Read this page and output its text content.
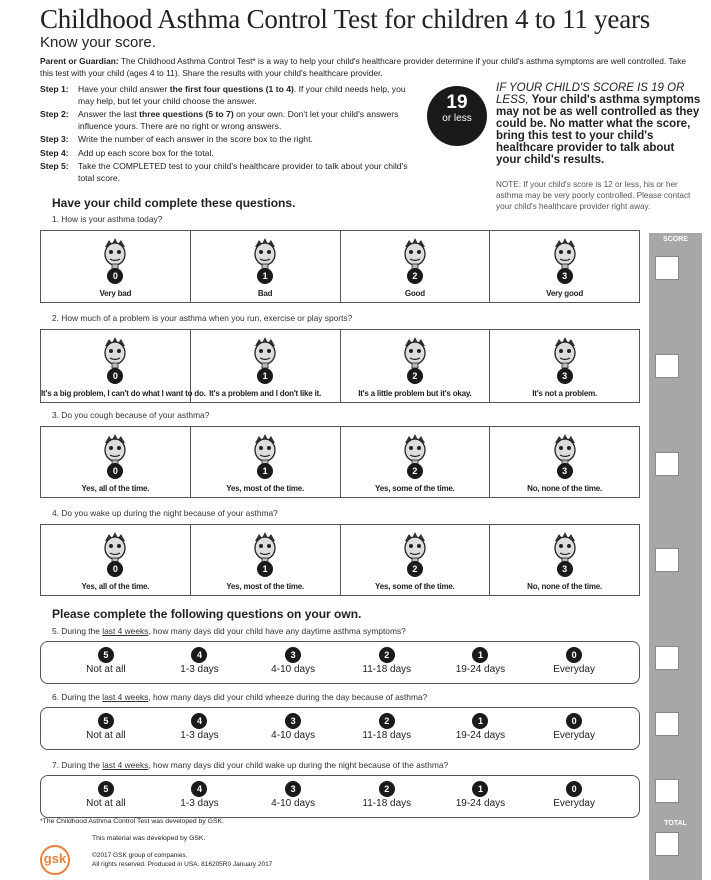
Childhood Asthma Control Test for children 4 to 11 years
Know your score.
Parent or Guardian: The Childhood Asthma Control Test* is a way to help your child's healthcare provider determine if your child's asthma symptoms are well controlled. Take this test with your child (ages 4 to 11). Share the results with your child's healthcare provider.
Step 1:	Have your child answer the first four questions (1 to 4). If your child needs help, you may help, but let your child choose the answer.
Step 2:	Answer the last three questions (5 to 7) on your own. Don't let your child's answers influence yours. There are no right or wrong answers.
Step 3:	Write the number of each answer in the score box to the right.
Step 4:	Add up each score box for the total.
Step 5:	Take the COMPLETED test to your child's healthcare provider to talk about your child's total score.
19
or less
IF YOUR CHILD'S SCORE IS 19 OR LESS, Your child's asthma symptoms may not be as well controlled as they could be. No matter what the score, bring this test to your child's healthcare provider to talk about your child's results.
NOTE: If your child's score is 12 or less, his or her asthma may be very poorly controlled. Please contact your child's healthcare provider right away.
Have your child complete these questions.
1. How is your asthma today?
0
Very bad
1
Bad
2
Good
3
Very good
2. How much of a problem is your asthma when you run, exercise or play sports?
0
It's a big problem, I can't do what I want to do.
1
It's a problem and I don't like it.
2
It's a little problem but it's okay.
3
It's not a problem.
3. Do you cough because of your asthma?
0
Yes, all of the time.
1
Yes, most of the time.
2
Yes, some of the time.
3
No, none of the time.
4. Do you wake up during the night because of your asthma?
0
Yes, all of the time.
1
Yes, most of the time.
2
Yes, some of the time.
3
No, none of the time.
Please complete the following questions on your own.
5. During the last 4 weeks, how many days did your child have any daytime asthma symptoms?
5
Not at all
4
1-3 days
3
4-10 days
2
11-18 days
1
19-24 days
0
Everyday
6. During the last 4 weeks, how many days did your child wheeze during the day because of asthma?
5
Not at all
4
1-3 days
3
4-10 days
2
11-18 days
1
19-24 days
0
Everyday
7. During the last 4 weeks, how many days did your child wake up during the night because of the asthma?
5
Not at all
4
1-3 days
3
4-10 days
2
11-18 days
1
19-24 days
0
Everyday
SCORE
TOTAL
*The Childhood Asthma Control Test was developed by GSK.
This material was developed by GSK.
gsk	©2017 GSK group of companies.
All rights reserved. Produced in USA. 816205R0 January 2017
